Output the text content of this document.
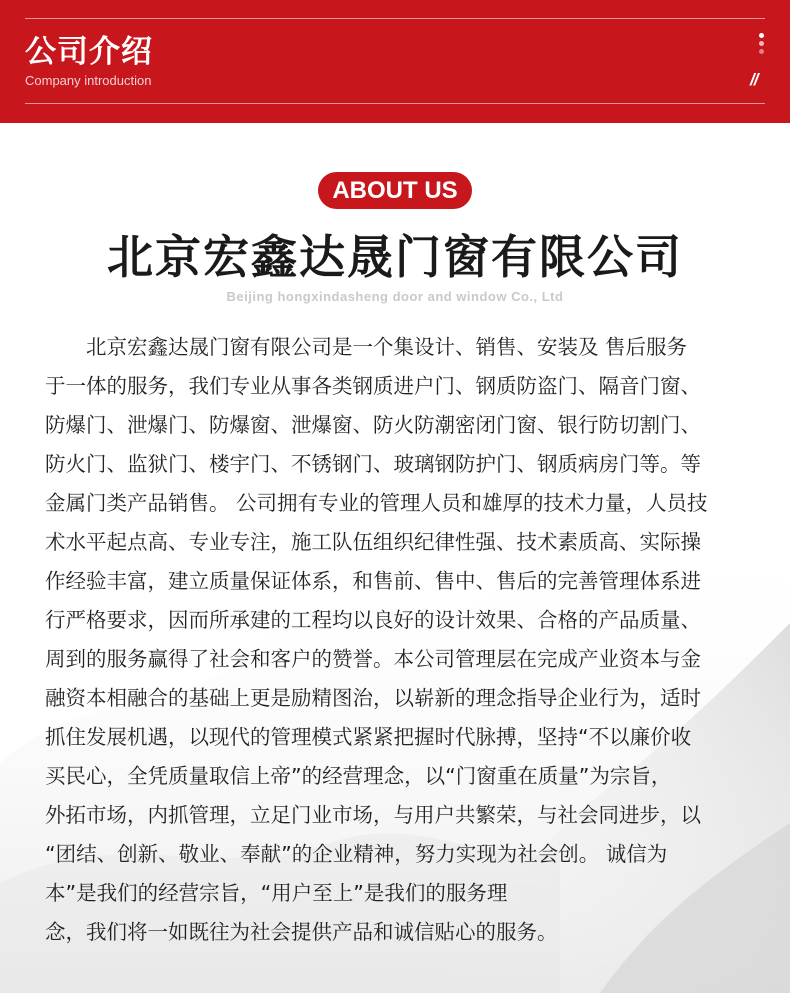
公司介绍
Company introduction	//
ABOUT US
北京宏鑫达晟门窗有限公司
Beijing hongxindasheng door and window Co., Ltd
　　北京宏鑫达晟门窗有限公司是一个集设计、销售、安装及 售后服务
于一体的服务，我们专业从事各类钢质进户门、钢质防盗门、隔音门窗、
防爆门、泄爆门、防爆窗、泄爆窗、防火防潮密闭门窗、银行防切割门、
防火门、监狱门、楼宇门、不锈钢门、玻璃钢防护门、钢质病房门等。等
金属门类产品销售。 公司拥有专业的管理人员和雄厚的技术力量，人员技
术水平起点高、专业专注，施工队伍组织纪律性强、技术素质高、实际操
作经验丰富，建立质量保证体系，和售前、售中、售后的完善管理体系进
行严格要求，因而所承建的工程均以良好的设计效果、合格的产品质量、
周到的服务赢得了社会和客户的赞誉。本公司管理层在完成产业资本与金
融资本相融合的基础上更是励精图治，以崭新的理念指导企业行为，适时
抓住发展机遇，以现代的管理模式紧紧把握时代脉搏，坚持“不以廉价收
买民心，全凭质量取信上帝”的经营理念，以“门窗重在质量”为宗旨，
外拓市场，内抓管理，立足门业市场，与用户共繁荣，与社会同进步，以
“团结、创新、敬业、奉献”的企业精神，努力实现为社会创。 诚信为
本”是我们的经营宗旨，“用户至上”是我们的服务理
念，我们将一如既往为社会提供产品和诚信贴心的服务。
